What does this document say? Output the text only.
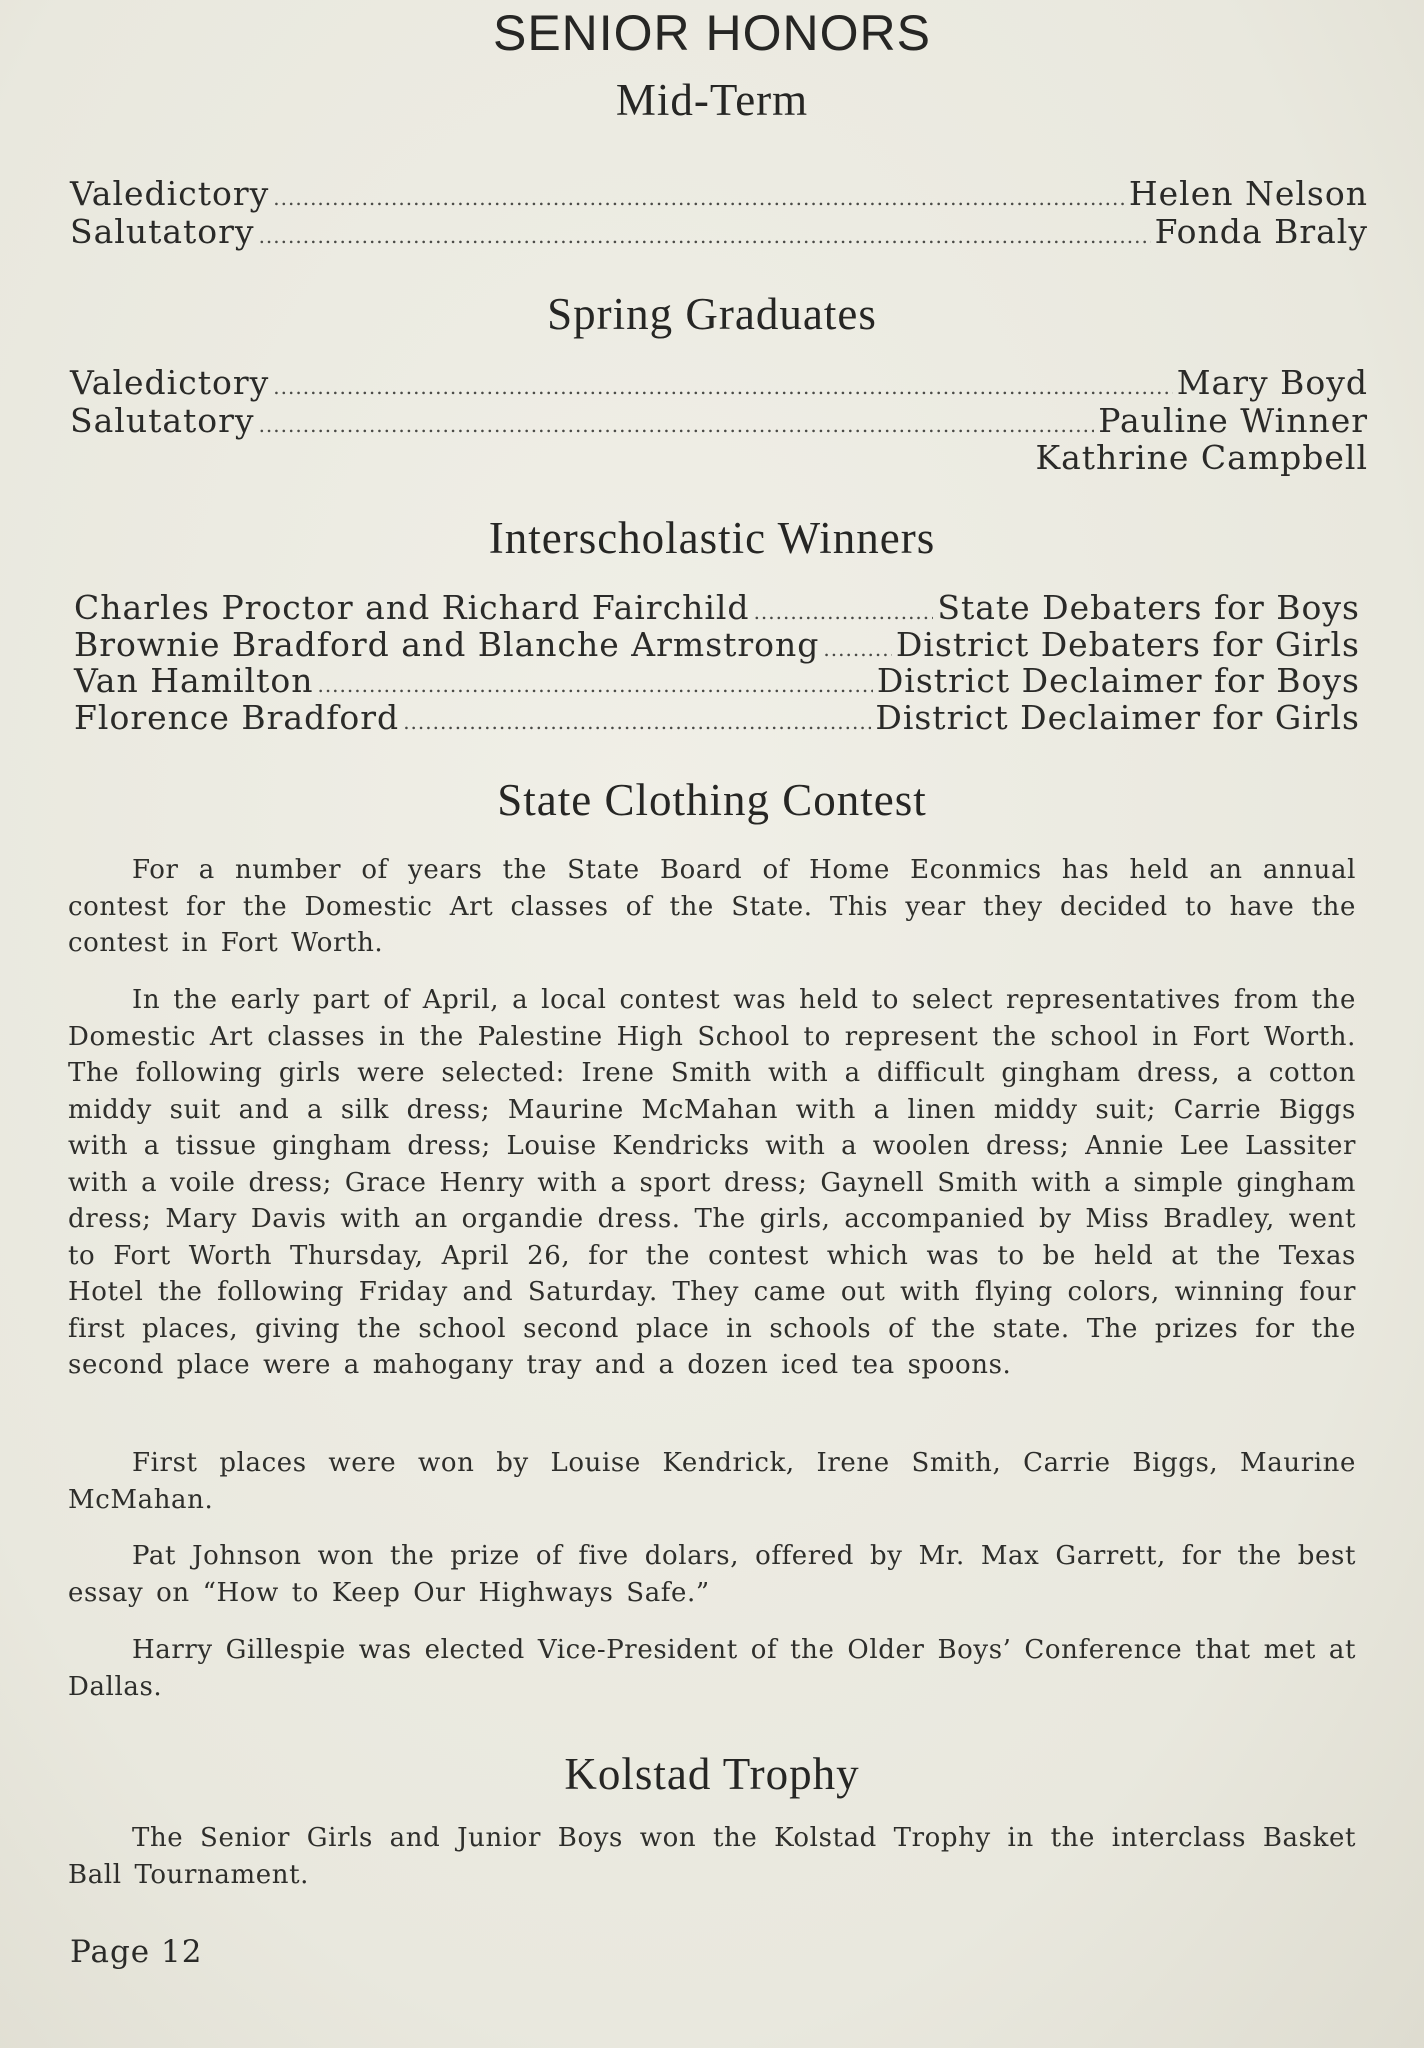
SENIOR HONORS
Mid-Term
Valedictory .....	Helen Nelson
Salutatory .....	Fonda Braly
Spring Graduates
Valedictory .....	Mary Boyd
Salutatory .....	Pauline Winner
Kathrine Campbell
Interscholastic Winners
Charles Proctor and Richard Fairchild .....	State Debaters for Boys
Brownie Bradford and Blanche Armstrong ..... District Debaters for Girls
Van Hamilton .....	District Declaimer for Boys
Florence Bradford .....	District Declaimer for Girls
State Clothing Contest

For a number of years the State Board of Home Econmics has held an annual contest for the Domestic Art classes of the State. This year they decided to have the contest in Fort Worth.

In the early part of April, a local contest was held to select representatives from the Domestic Art classes in the Palestine High School to represent the school in Fort Worth. The following girls were selected: Irene Smith with a difficult gingham dress, a cotton middy suit and a silk dress; Maurine McMahan with a linen middy suit; Carrie Biggs with a tissue gingham dress; Louise Kendricks with a woolen dress; Annie Lee Lassiter with a voile dress; Grace Henry with a sport dress; Gaynell Smith with a simple gingham dress; Mary Davis with an organdie dress. The girls, accompanied by Miss Bradley, went to Fort Worth Thursday, April 26, for the contest which was to be held at the Texas Hotel the following Friday and Saturday. They came out with flying colors, winning four first places, giving the school second place in schools of the state. The prizes for the second place were a mahogany tray and a dozen iced tea spoons.

First places were won by Louise Kendrick, Irene Smith, Carrie Biggs, Maurine McMahan.

Pat Johnson won the prize of five dolars, offered by Mr. Max Garrett, for the best essay on “How to Keep Our Highways Safe.”

Harry Gillespie was elected Vice-President of the Older Boys’ Conference that met at Dallas.

Kolstad Trophy

The Senior Girls and Junior Boys won the Kolstad Trophy in the interclass Basket Ball Tournament.

Page 12
